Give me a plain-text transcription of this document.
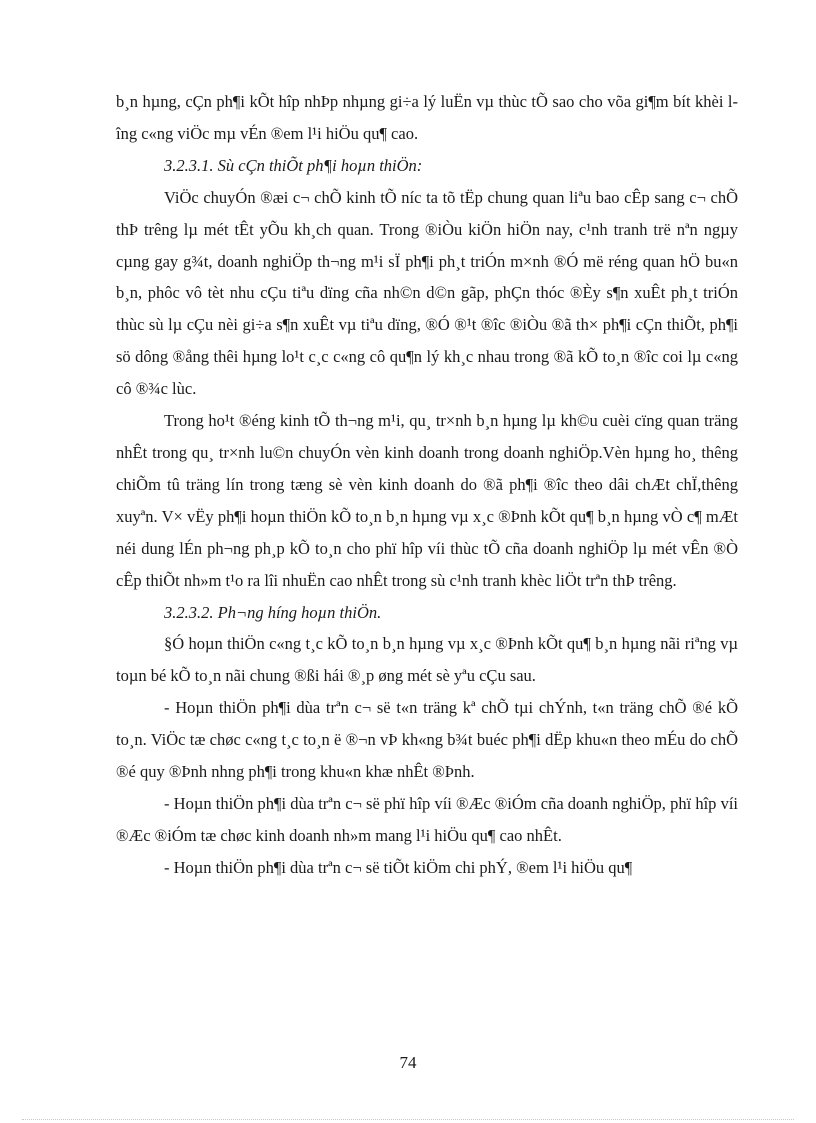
b¸n hµng, cÇn ph¶i kÕt hîp nhÞp nhµng gi÷a lý luËn vµ thùc tÕ sao cho võa gi¶m bít khèi lîng c«ng viÖc mµ vÉn ®em l¹i hiÖu qu¶ cao.

3.2.3.1. Sù cÇn thiÕt ph¶i hoµn thiÖn:

ViÖc chuyÓn ®æi c¬ chÕ kinh tÕ níc ta tõ tËp chung quan liªu bao cÊp sang c¬ chÕ thÞ trêng lµ mét tÊt yÕu kh¸ch quan. Trong ®iÒu kiÖn hiÖn nay, c¹nh tranh trë nªn ngµy cµng gay g¾t, doanh nghiÖp th¬ng m¹i sÏ ph¶i ph¸t triÓn m×nh ®Ó më réng quan hÖ bu«n b¸n, phôc vô tèt nhu cÇu tiªu dïng cña nh©n d©n gãp, phÇn thóc ®Èy s¶n xuÊt ph¸t triÓn thùc sù lµ cÇu nèi gi÷a s¶n xuÊt vµ tiªu dïng, ®Ó ®¹t ®îc ®iÒu ®ã th× ph¶i cÇn thiÕt, ph¶i sö dông ®ång thêi hµng lo¹t c¸c c«ng cô qu¶n lý kh¸c nhau trong ®ã kÕ to¸n ®îc coi lµ c«ng cô ®¾c lùc.

Trong ho¹t ®éng kinh tÕ th¬ng m¹i, qu¸ tr×nh b¸n hµng lµ kh©u cuèi cïng quan träng nhÊt trong qu¸ tr×nh lu©n chuyÓn vèn kinh doanh trong doanh nghiÖp.Vèn hµng ho¸ thêng chiÕm tû träng lín trong tæng sè vèn kinh doanh do ®ã ph¶i ®îc theo dâi chÆt chÏ,thêng xuyªn. V× vËy ph¶i hoµn thiÖn kÕ to¸n b¸n hµng vµ x¸c ®Þnh kÕt qu¶ b¸n hµng vÒ c¶ mÆt néi dung lÉn ph¬ng ph¸p kÕ to¸n cho phï hîp víi thùc tÕ cña doanh nghiÖp lµ mét vÊn ®Ò cÊp thiÕt nh»m t¹o ra lîi nhuËn cao nhÊt trong sù c¹nh tranh khèc liÖt trªn thÞ trêng.

3.2.3.2. Ph¬ng híng hoµn thiÖn.

§Ó hoµn thiÖn c«ng t¸c kÕ to¸n b¸n hµng vµ x¸c ®Þnh kÕt qu¶ b¸n hµng nãi riªng vµ toµn bé kÕ to¸n nãi chung ®ßi hái ®¸p øng mét sè yªu cÇu sau.

- Hoµn thiÖn ph¶i dùa trªn c¬ së t«n träng kª chÕ tµi chÝnh, t«n träng chÕ ®é kÕ to¸n. ViÖc tæ chøc c«ng t¸c to¸n ë ®¬n vÞ kh«ng b¾t buéc ph¶i dËp khu«n theo mÉu do chÕ ®é quy ®Þnh nhng ph¶i trong khu«n khæ nhÊt ®Þnh.

- Hoµn thiÖn ph¶i dùa trªn c¬ së phï hîp víi ®Æc ®iÓm cña doanh nghiÖp, phï hîp víi ®Æc ®iÓm tæ chøc kinh doanh nh»m mang l¹i hiÖu qu¶ cao nhÊt.

- Hoµn thiÖn ph¶i dùa trªn c¬ së tiÕt kiÖm chi phÝ, ®em l¹i hiÖu qu¶

74
